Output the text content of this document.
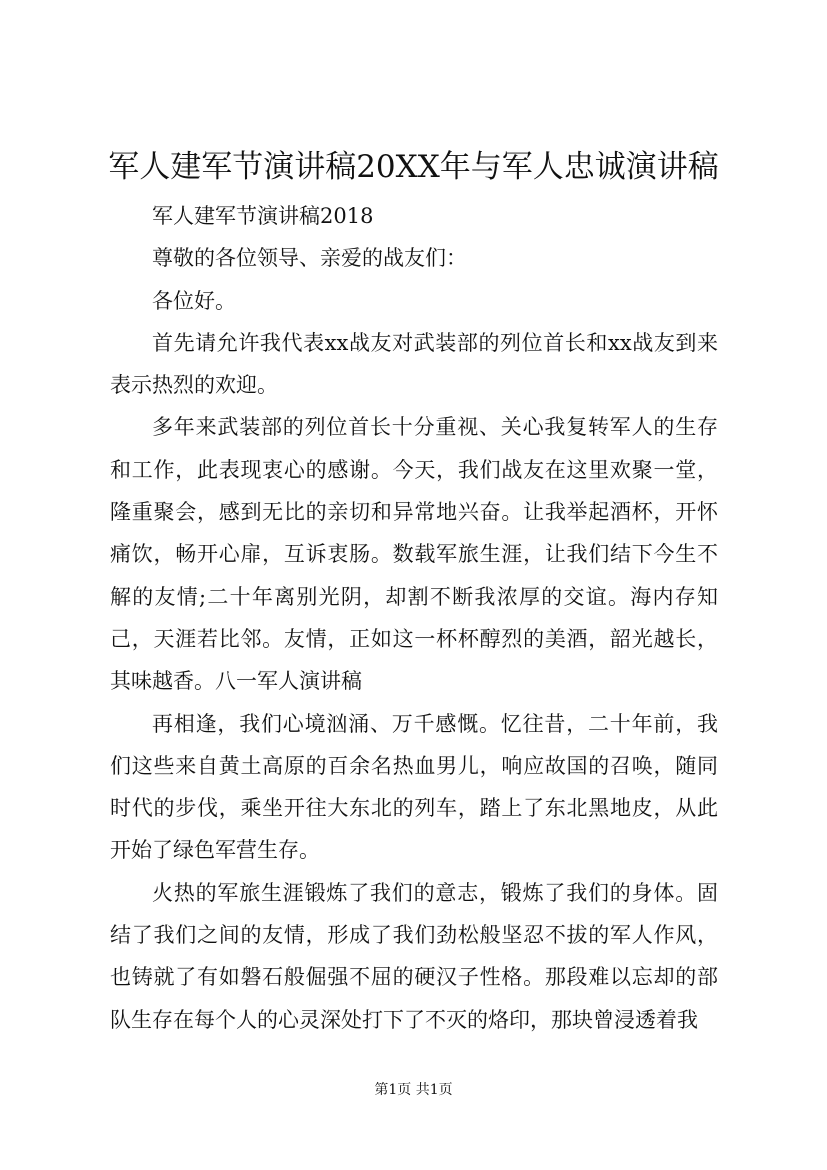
军人建军节演讲稿20XX年与军人忠诚演讲稿

军人建军节演讲稿2018

尊敬的各位领导、亲爱的战友们：

各位好。

首先请允许我代表xx战友对武装部的列位首长和xx战友到来表示热烈的欢迎。

多年来武装部的列位首长十分重视、关心我复转军人的生存和工作，此表现衷心的感谢。今天，我们战友在这里欢聚一堂，隆重聚会，感到无比的亲切和异常地兴奋。让我举起酒杯，开怀痛饮，畅开心扉，互诉衷肠。数载军旅生涯，让我们结下今生不解的友情;二十年离别光阴，却割不断我浓厚的交谊。海内存知己，天涯若比邻。友情，正如这一杯杯醇烈的美酒，韶光越长，其味越香。八一军人演讲稿

再相逢，我们心境汹涌、万千感慨。忆往昔，二十年前，我们这些来自黄土高原的百余名热血男儿，响应故国的召唤，随同时代的步伐，乘坐开往大东北的列车，踏上了东北黑地皮，从此开始了绿色军营生存。

火热的军旅生涯锻炼了我们的意志，锻炼了我们的身体。固结了我们之间的友情，形成了我们劲松般坚忍不拔的军人作风，也铸就了有如磐石般倔强不屈的硬汉子性格。那段难以忘却的部队生存在每个人的心灵深处打下了不灭的烙印，那块曾浸透着我

第1页 共1页
